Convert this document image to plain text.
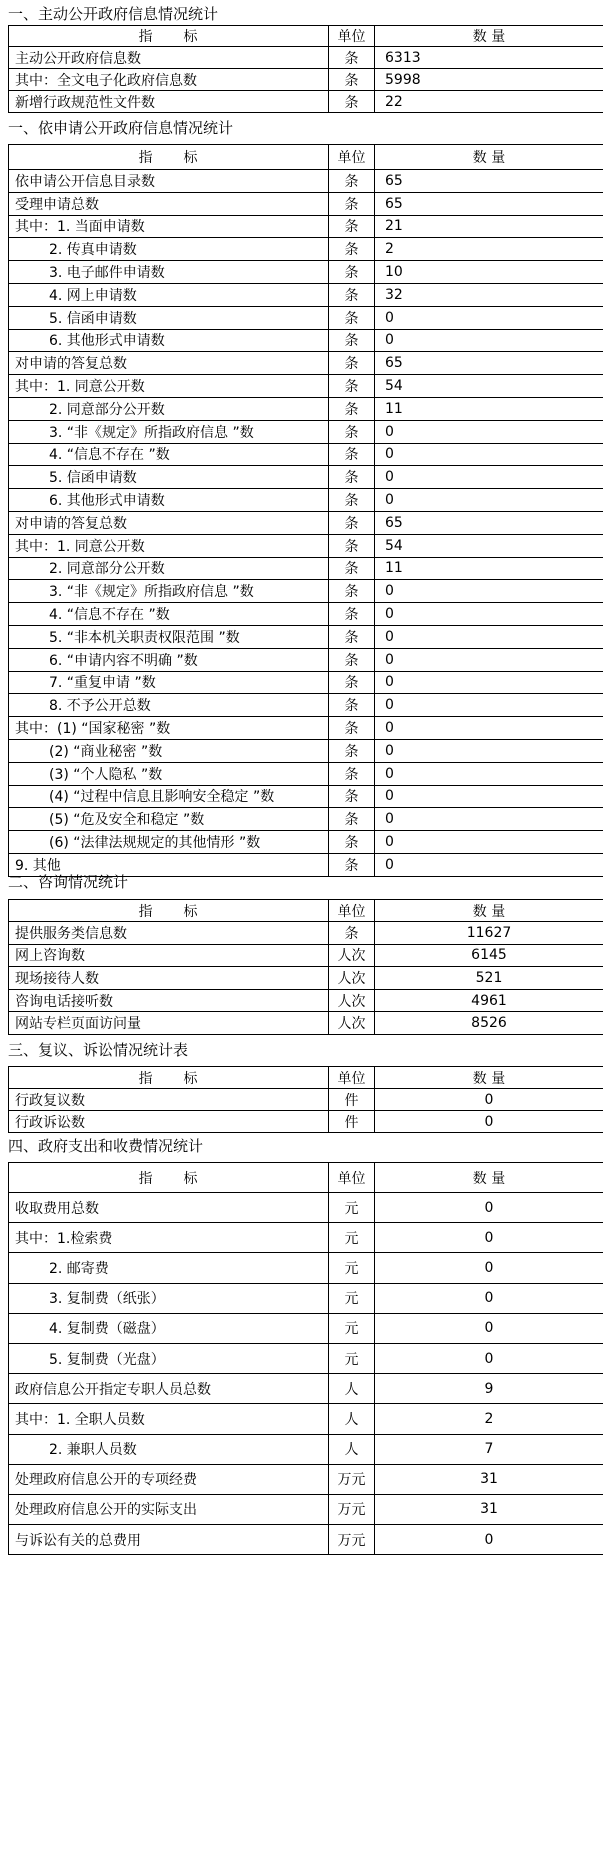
一、主动公开政府信息情况统计
指　　标	单位	数 量
主动公开政府信息数	条	6313
其中：全文电子化政府信息数	条	5998
新增行政规范性文件数	条	22
一、依申请公开政府信息情况统计
指　　标	单位	数 量
依申请公开信息目录数	条	65
受理申请总数	条	65
其中：1. 当面申请数	条	21
2. 传真申请数	条	2
3. 电子邮件申请数	条	10
4. 网上申请数	条	32
5. 信函申请数	条	0
6. 其他形式申请数	条	0
对申请的答复总数	条	65
其中：1. 同意公开数	条	54
2. 同意部分公开数	条	11
3. “非《规定》所指政府信息 ”数	条	0
4. “信息不存在 ”数	条	0
5. 信函申请数	条	0
6. 其他形式申请数	条	0
对申请的答复总数	条	65
其中：1. 同意公开数	条	54
2. 同意部分公开数	条	11
3. “非《规定》所指政府信息 ”数	条	0
4. “信息不存在 ”数	条	0
5. “非本机关职责权限范围 ”数	条	0
6. “申请内容不明确 ”数	条	0
7. “重复申请 ”数	条	0
8. 不予公开总数	条	0
其中：(1) “国家秘密 ”数	条	0
(2) “商业秘密 ”数	条	0
(3) “个人隐私 ”数	条	0
(4) “过程中信息且影响安全稳定 ”数	条	0
(5) “危及安全和稳定 ”数	条	0
(6) “法律法规规定的其他情形 ”数	条	0
9. 其他	条	0
二、咨询情况统计
指　　标	单位	数 量
提供服务类信息数	条	11627
网上咨询数	人次	6145
现场接待人数	人次	521
咨询电话接听数	人次	4961
网站专栏页面访问量	人次	8526
三、复议、诉讼情况统计表
指　　标	单位	数 量
行政复议数	件	0
行政诉讼数	件	0
四、政府支出和收费情况统计
指　　标	单位	数 量
收取费用总数	元	0
其中：1.检索费	元	0
2. 邮寄费	元	0
3. 复制费（纸张）	元	0
4. 复制费（磁盘）	元	0
5. 复制费（光盘）	元	0
政府信息公开指定专职人员总数	人	9
其中：1. 全职人员数	人	2
2. 兼职人员数	人	7
处理政府信息公开的专项经费	万元	31
处理政府信息公开的实际支出	万元	31
与诉讼有关的总费用	万元	0
